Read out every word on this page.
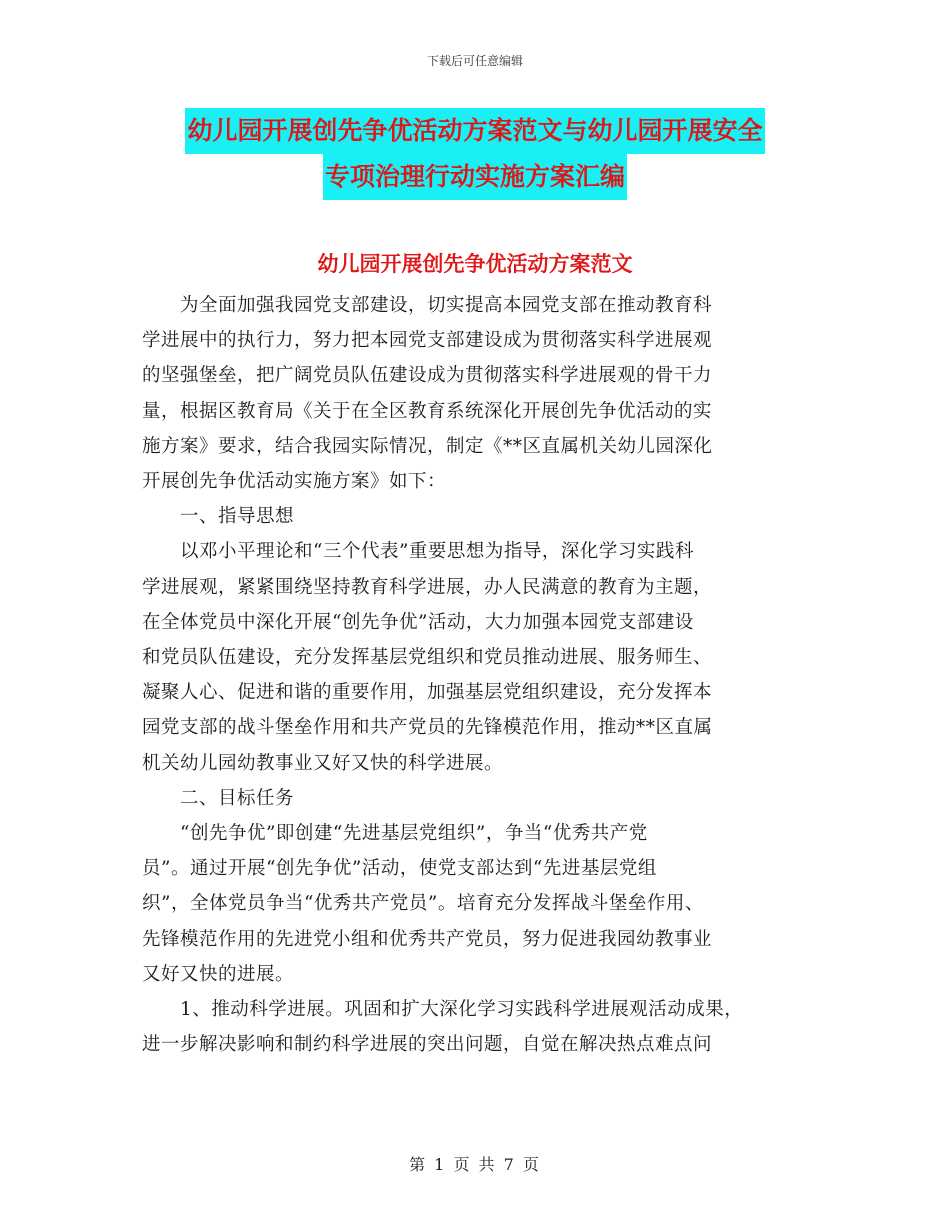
下载后可任意编辑
幼儿园开展创先争优活动方案范文与幼儿园开展安全
专项治理行动实施方案汇编
幼儿园开展创先争优活动方案范文

　　为全面加强我园党支部建设，切实提高本园党支部在推动教育科

学进展中的执行力，努力把本园党支部建设成为贯彻落实科学进展观

的坚强堡垒，把广阔党员队伍建设成为贯彻落实科学进展观的骨干力

量，根据区教育局《关于在全区教育系统深化开展创先争优活动的实

施方案》要求，结合我园实际情况，制定《**区直属机关幼儿园深化

开展创先争优活动实施方案》如下：

　　一、指导思想

　　以邓小平理论和“三个代表”重要思想为指导，深化学习实践科

学进展观，紧紧围绕坚持教育科学进展，办人民满意的教育为主题，

在全体党员中深化开展“创先争优”活动，大力加强本园党支部建设

和党员队伍建设，充分发挥基层党组织和党员推动进展、服务师生、

凝聚人心、促进和谐的重要作用，加强基层党组织建设，充分发挥本

园党支部的战斗堡垒作用和共产党员的先锋模范作用，推动**区直属

机关幼儿园幼教事业又好又快的科学进展。

　　二、目标任务

　　“创先争优”即创建“先进基层党组织”，争当“优秀共产党

员”。通过开展“创先争优”活动，使党支部达到“先进基层党组

织”，全体党员争当“优秀共产党员”。培育充分发挥战斗堡垒作用、

先锋模范作用的先进党小组和优秀共产党员，努力促进我园幼教事业

又好又快的进展。

　　1、推动科学进展。巩固和扩大深化学习实践科学进展观活动成果，

进一步解决影响和制约科学进展的突出问题，自觉在解决热点难点问

第 1 页 共 7 页
